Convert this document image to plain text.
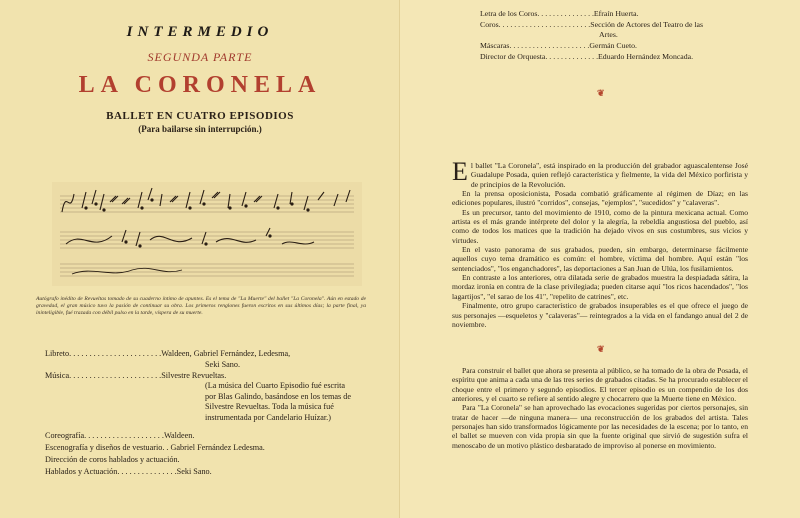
INTERMEDIO
SEGUNDA PARTE
LA CORONELA
BALLET EN CUATRO EPISODIOS
(Para bailarse sin interrupción.)
Autógrafo inédito de Revueltas tomado de su cuaderno íntimo de apuntes. Es el tema de "La Muerte" del ballet "La Coronela". Aún en estado de gravedad, el gran músico tuvo la pasión de continuar su obra. Los primeros renglones fueron escritos en sus últimos días; la parte final, ya ininteligible, fué trazada con débil pulso en la tarde, víspera de su muerte.
Libreto. . . . . . . . . . . . . . . . . . . . . . .Waldeen, Gabriel Fernández, Ledesma,
Seki Sano.
Música. . . . . . . . . . . . . . . . . . . . . . .Silvestre Revueltas.
(La música del Cuarto Episodio fué escrita por Blas Galindo, basándose en los temas de Silvestre Revueltas. Toda la música fué instrumentada por Candelario Huízar.)
Coreografía. . . . . . . . . . . . . . . . . . . .Waldeen.
Escenografía y diseños de vestuario. . Gabriel Fernández Ledesma.
Dirección de coros hablados y actuación.
Hablados y Actuación. . . . . . . . . . . . . . .Seki Sano.
Letra de los Coros. . . . . . . . . . . . . . .Efraín Huerta.
Coros. . . . . . . . . . . . . . . . . . . . . . . .Sección de Actores del Teatro de las
Artes.
Máscaras. . . . . . . . . . . . . . . . . . . . .Germán Cueto.
Director de Orquesta. . . . . . . . . . . . . .Eduardo Hernández Moncada.
❦
❦

El ballet "La Coronela", está inspirado en la producción del grabador aguascalentense José Guadalupe Posada, quien reflejó característica y fielmente, la vida del México porfirista y de principios de la Revolución.

En la prensa oposicionista, Posada combatió gráficamente al régimen de Díaz; en las ediciones populares, ilustró "corridos", consejas, "ejemplos", "sucedidos" y "calaveras".

Es un precursor, tanto del movimiento de 1910, como de la pintura mexicana actual. Como artista es el más grande intérprete del dolor y la alegría, la rebeldía angustiosa del pueblo, así como de todos los matices que la tradición ha dejado vivos en sus costumbres, sus vicios y virtudes.

En el vasto panorama de sus grabados, pueden, sin embargo, determinarse fácilmente aquellos cuyo tema dramático es común: el hombre, víctima del hombre. Aquí están "los sentenciados", "los enganchadores", las deportaciones a San Juan de Ulúa, los fusilamientos.

En contraste a los anteriores, otra dilatada serie de grabados muestra la despiadada sátira, la mordaz ironía en contra de la clase privilegiada; pueden citarse aquí "los ricos hacendados", "los lagartijos", "el sarao de los 41", "repelito de catrines", etc.

Finalmente, otro grupo característico de grabados insuperables es el que ofrece el juego de sus personajes —esqueletos y "calaveras"— reintegrados a la vida en el fandango anual del 2 de noviembre.

Para construir el ballet que ahora se presenta al público, se ha tomado de la obra de Posada, el espíritu que anima a cada una de las tres series de grabados citadas. Se ha procurado establecer el choque entre el primero y segundo episodios. El tercer episodio es un compendio de los dos anteriores, y el cuarto se refiere al sentido alegre y chocarrero que la Muerte tiene en México.

Para "La Coronela" se han aprovechado las evocaciones sugeridas por ciertos personajes, sin tratar de hacer —de ninguna manera— una reconstrucción de los grabados del artista. Tales personajes han sido transformados lógicamente por las necesidades de la escena; por lo tanto, en el ballet se mueven con vida propia sin que la fuente original que sirvió de sugestión sufra el menoscabo de un motivo plástico desbaratado de improviso al ponerse en movimiento.
